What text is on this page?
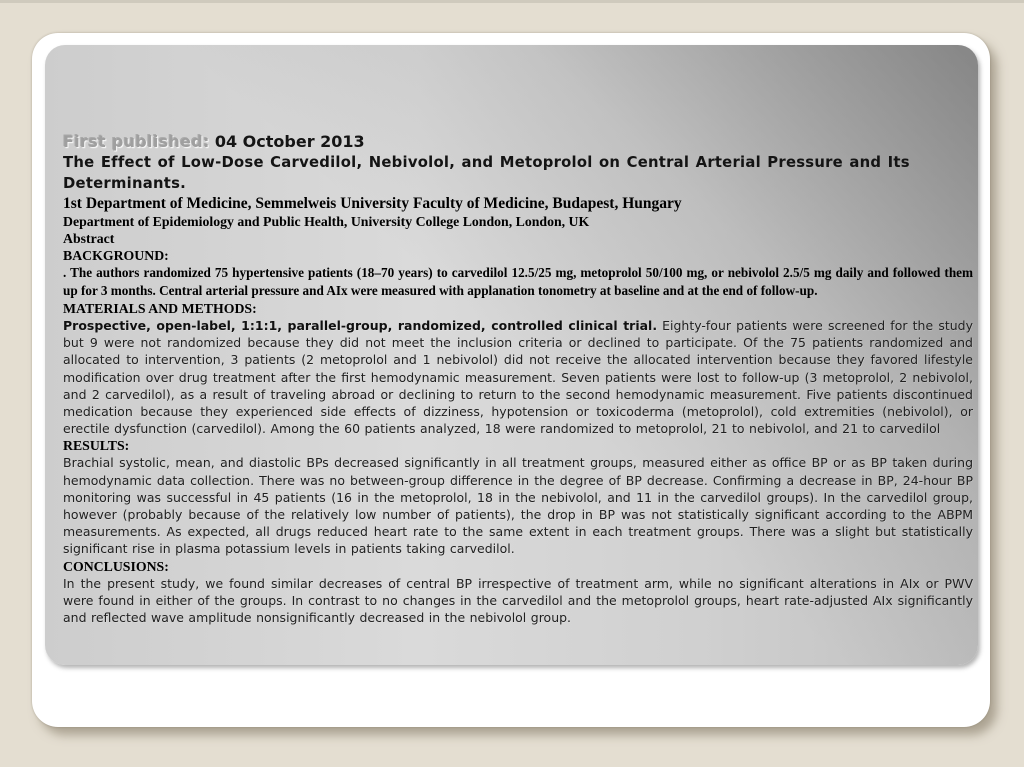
First published: 04 October 2013
The Effect of Low-Dose Carvedilol, Nebivolol, and Metoprolol on Central Arterial Pressure and Its Determinants.

1st Department of Medicine, Semmelweis University Faculty of Medicine, Budapest, Hungary

Department of Epidemiology and Public Health, University College London, London, UK

Abstract

BACKGROUND:

. The authors randomized 75 hypertensive patients (18–70 years) to carvedilol 12.5/25 mg, metoprolol 50/100 mg, or nebivolol 2.5/5 mg daily and followed them up for 3 months. Central arterial pressure and AIx were measured with applanation tonometry at baseline and at the end of follow-up.

MATERIALS AND METHODS:

Prospective, open-label, 1:1:1, parallel-group, randomized, controlled clinical trial. Eighty-four patients were screened for the study but 9 were not randomized because they did not meet the inclusion criteria or declined to participate. Of the 75 patients randomized and allocated to intervention, 3 patients (2 metoprolol and 1 nebivolol) did not receive the allocated intervention because they favored lifestyle modification over drug treatment after the first hemodynamic measurement. Seven patients were lost to follow-up (3 metoprolol, 2 nebivolol, and 2 carvedilol), as a result of traveling abroad or declining to return to the second hemodynamic measurement. Five patients discontinued medication because they experienced side effects of dizziness, hypotension or toxicoderma (metoprolol), cold extremities (nebivolol), or erectile dysfunction (carvedilol). Among the 60 patients analyzed, 18 were randomized to metoprolol, 21 to nebivolol, and 21 to carvedilol

RESULTS:

Brachial systolic, mean, and diastolic BPs decreased significantly in all treatment groups, measured either as office BP or as BP taken during hemodynamic data collection. There was no between-group difference in the degree of BP decrease. Confirming a decrease in BP, 24-hour BP monitoring was successful in 45 patients (16 in the metoprolol, 18 in the nebivolol, and 11 in the carvedilol groups). In the carvedilol group, however (probably because of the relatively low number of patients), the drop in BP was not statistically significant according to the ABPM measurements. As expected, all drugs reduced heart rate to the same extent in each treatment groups. There was a slight but statistically significant rise in plasma potassium levels in patients taking carvedilol.

CONCLUSIONS:

In the present study, we found similar decreases of central BP irrespective of treatment arm, while no significant alterations in AIx or PWV were found in either of the groups. In contrast to no changes in the carvedilol and the metoprolol groups, heart rate-adjusted AIx significantly and reflected wave amplitude nonsignificantly decreased in the nebivolol group.
